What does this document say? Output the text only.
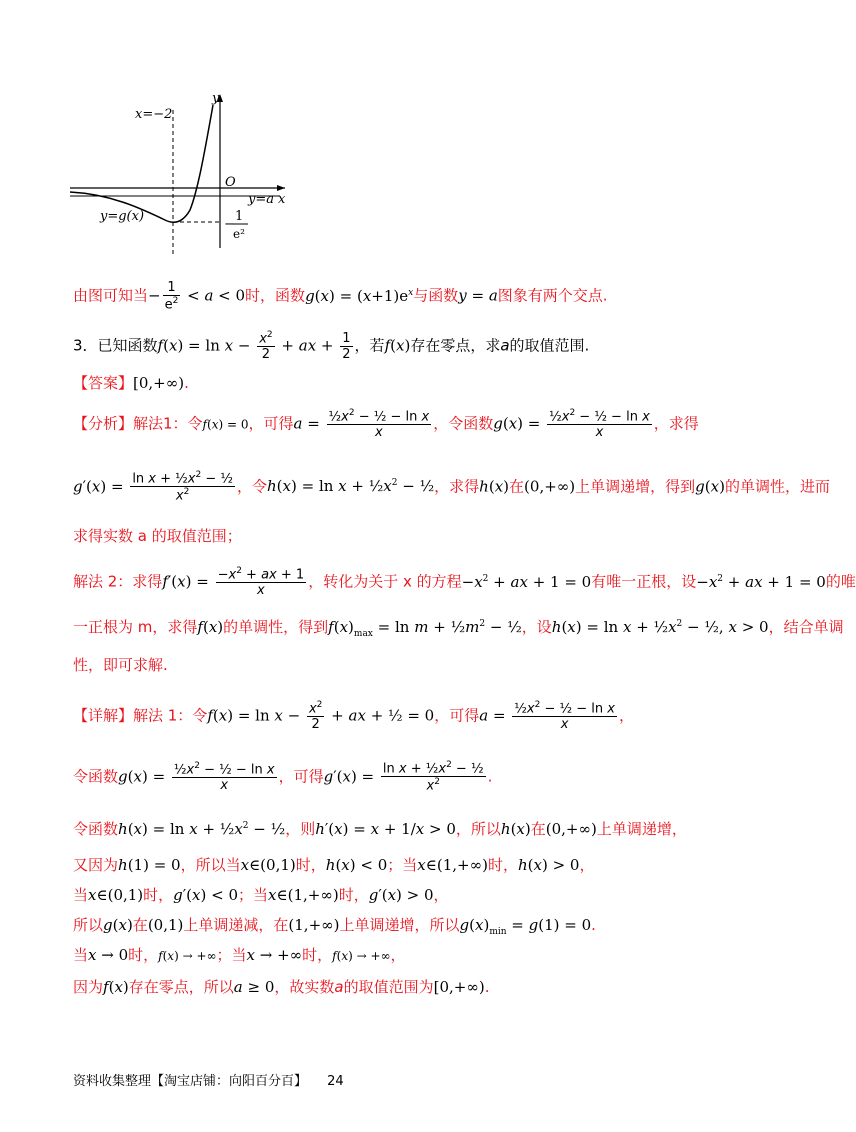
x=−2
y
O
y=a x
y=g(x)
−
1
e²
由图可知当− $\frac{1}{e^2} < a < 0$时，函数$g(x) = (x+1)e^x$与函数y = a图象有两个交点.
3．已知函数$f(x) = \ln x - \frac{x^2}{2}$ + ax + $\frac{1}{2}$ ，若f(x)存在零点，求a的取值范围.
【答案】[0,+∞).
【分析】解法1：令f(x) = 0，可得$a = \frac{\frac{1}{2}x^2 - \frac{1}{2} - \ln x}{x}$ ，令函数$g(x) = \frac{\frac{1}{2}x^2 - \frac{1}{2} - \ln x}{x}$ ，求得
$g'(x) = \frac{\ln x + \frac{1}{2}x^2 - \frac{1}{2}}{x^2}$ ，令$h(x) = \ln x + \frac{1}{2}x^2$ − ½，求得h(x)在(0,+∞)上单调递增，得到g(x)的单调性，进而
求得实数 a 的取值范围；
解法 2：求得$f'(x) = \frac{-x^2 + ax + 1}{x}$ ，转化为关于 x 的方程$-x^2$ + ax + 1 = 0有唯一正根，设$-x^2$ + ax + 1 = 0的唯
一正根为 m，求得f(x)的单调性，得到$f(x)_{max} = \ln m$ + $\frac{1}{2}m^2$ − ½，设$h(x) = \ln x + \frac{1}{2}x^2$ − ½, x > 0，结合单调
性，即可求解.
【详解】解法 1：令$f(x) = \ln x - \frac{x^2}{2}$ + ax + ½ = 0，可得$a = \frac{\frac{1}{2}x^2 - \frac{1}{2} - \ln x}{x}$ ，
令函数$g(x) = \frac{\frac{1}{2}x^2 - \frac{1}{2} - \ln x}{x}$ ，可得$g'(x) = \frac{\ln x + \frac{1}{2}x^2 - \frac{1}{2}}{x^2}$ .
令函数$h(x) = \ln x + \frac{1}{2}x^2$ − ½，则h′(x) = x + 1/x > 0，所以h(x)在(0,+∞)上单调递增，
又因为h(1) = 0，所以当x∈(0,1)时，h(x) < 0；当x∈(1,+∞)时，h(x) > 0，
当x∈(0,1)时，g′(x) < 0；当x∈(1,+∞)时，g′(x) > 0，
所以g(x)在(0,1)上单调递减，在(1,+∞)上单调递增，所以$g(x)_{min} = g(1) = 0$.
当x → 0时，f(x) → +∞；当x → +∞时，f(x) → +∞，
因为f(x)存在零点，所以a ≥ 0，故实数a的取值范围为[0,+∞).
资料收集整理【淘宝店铺：向阳百分百】 24
